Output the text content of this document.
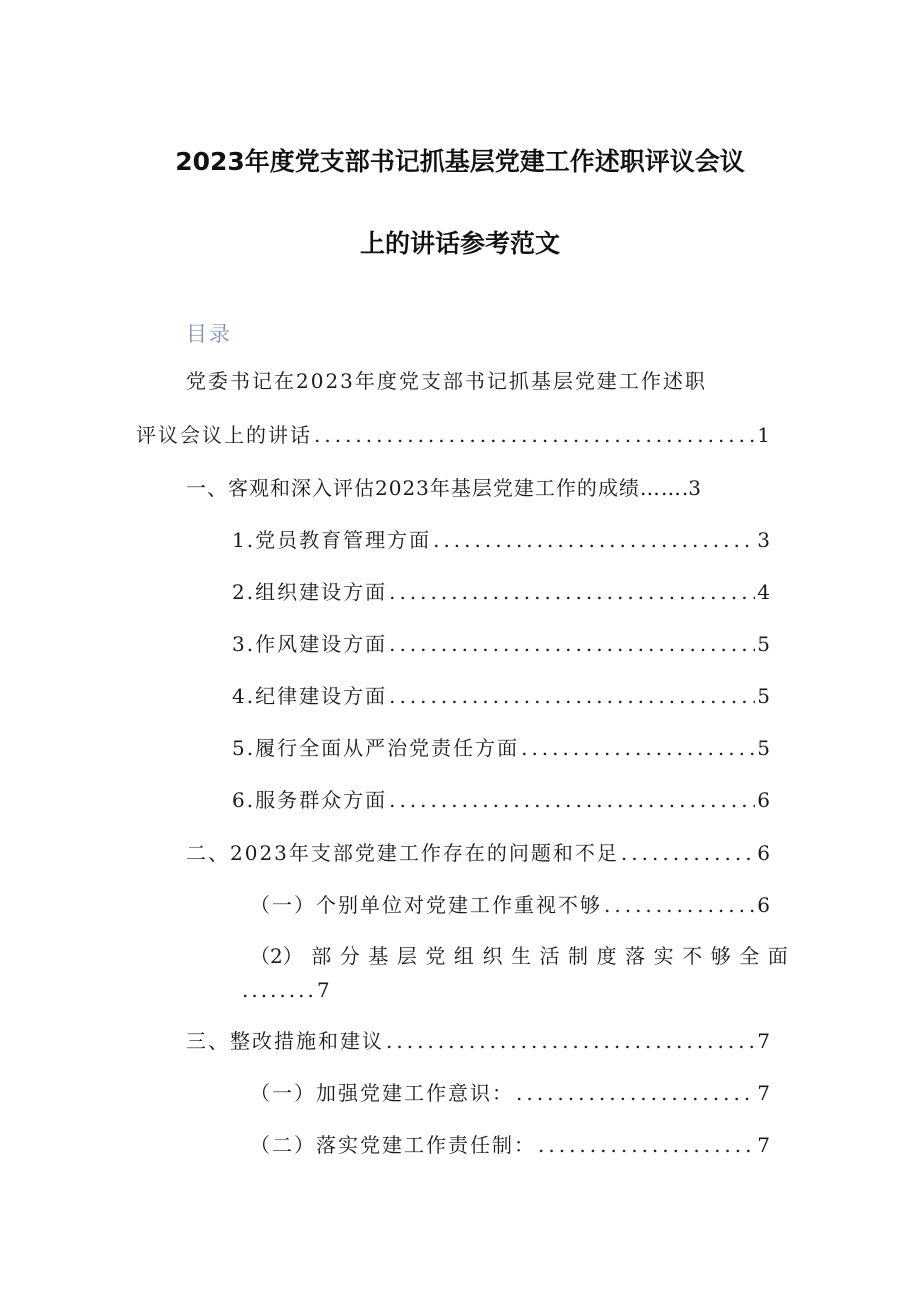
2023年度党支部书记抓基层党建工作述职评议会议
上的讲话参考范文
目录
党委书记在2023年度党支部书记抓基层党建工作述职
评议会议上的讲话 .....	1
一、客观和深入评估2023年基层党建工作的成绩…….3
1.党员教育管理方面 .....	3
2.组织建设方面 .....	4
3.作风建设方面 .....	5
4.纪律建设方面 .....	5
5.履行全面从严治党责任方面 .....	5
6.服务群众方面 .....	6
二、2023年支部党建工作存在的问题和不足 .....	6
（一）个别单位对党建工作重视不够 .....	6
（2） 部 分 基 层 党 组 织 生 活 制 度 落 实 不 够 全 面
........7
三、整改措施和建议 .....	7
（一）加强党建工作意识： .....	7
（二）落实党建工作责任制： .....	7
